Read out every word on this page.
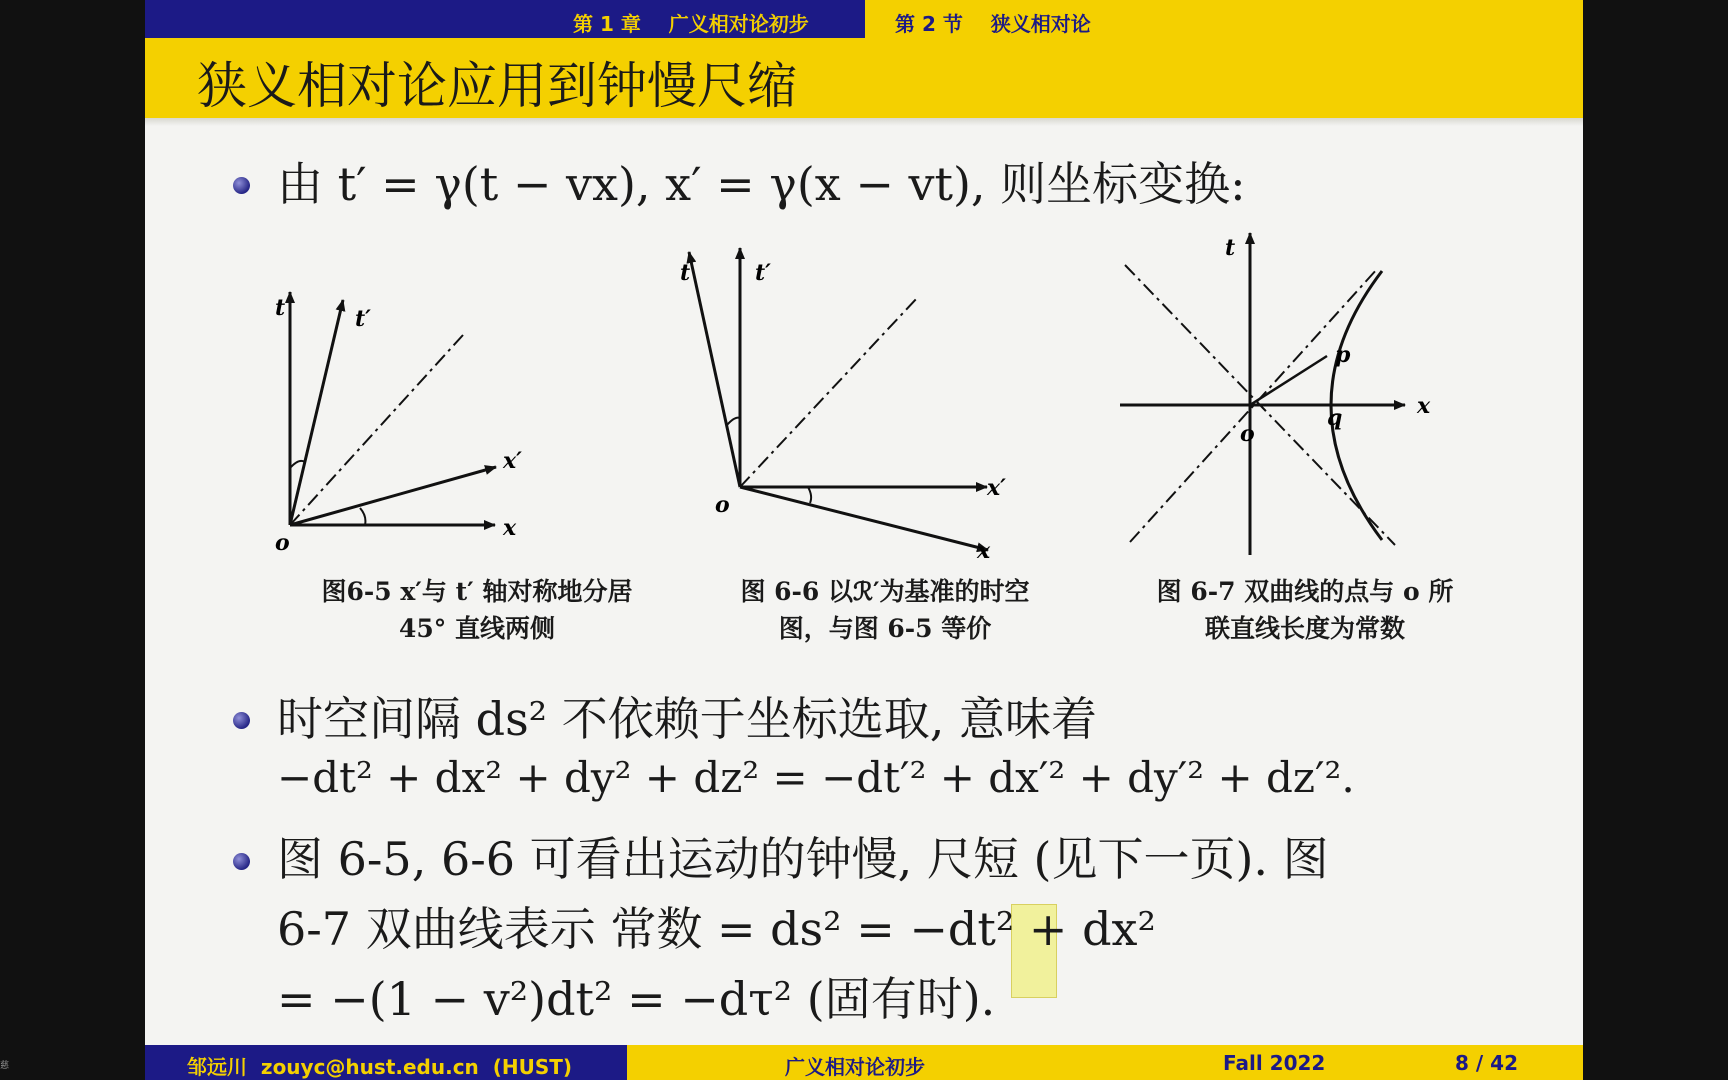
慈
第 1 章    广义相对论初步	第 2 节    狭义相对论
狭义相对论应用到钟慢尺缩
由 t′ = γ(t − vx), x′ = γ(x − vt), 则坐标变换:
t	t′
x′
x
o
图6-5 x′与 t′ 轴对称地分居
45° 直线两侧
t	t′
x′
x
o
图 6-6 以ℛ′为基准的时空
图，与图 6-5 等价
t
x
o
p
q
图 6-7 双曲线的点与 o 所
联直线长度为常数
时空间隔 ds² 不依赖于坐标选取, 意味着
−dt² + dx² + dy² + dz² = −dt′² + dx′² + dy′² + dz′².
图 6-5, 6-6 可看出运动的钟慢, 尺短 (见下一页). 图
6-7 双曲线表示 常数 = ds² = −dt² + dx²
= −(1 − v²)dt² = −dτ² (固有时).
邹远川  zouyc@hust.edu.cn  (HUST)	广义相对论初步	Fall 2022	8 / 42
